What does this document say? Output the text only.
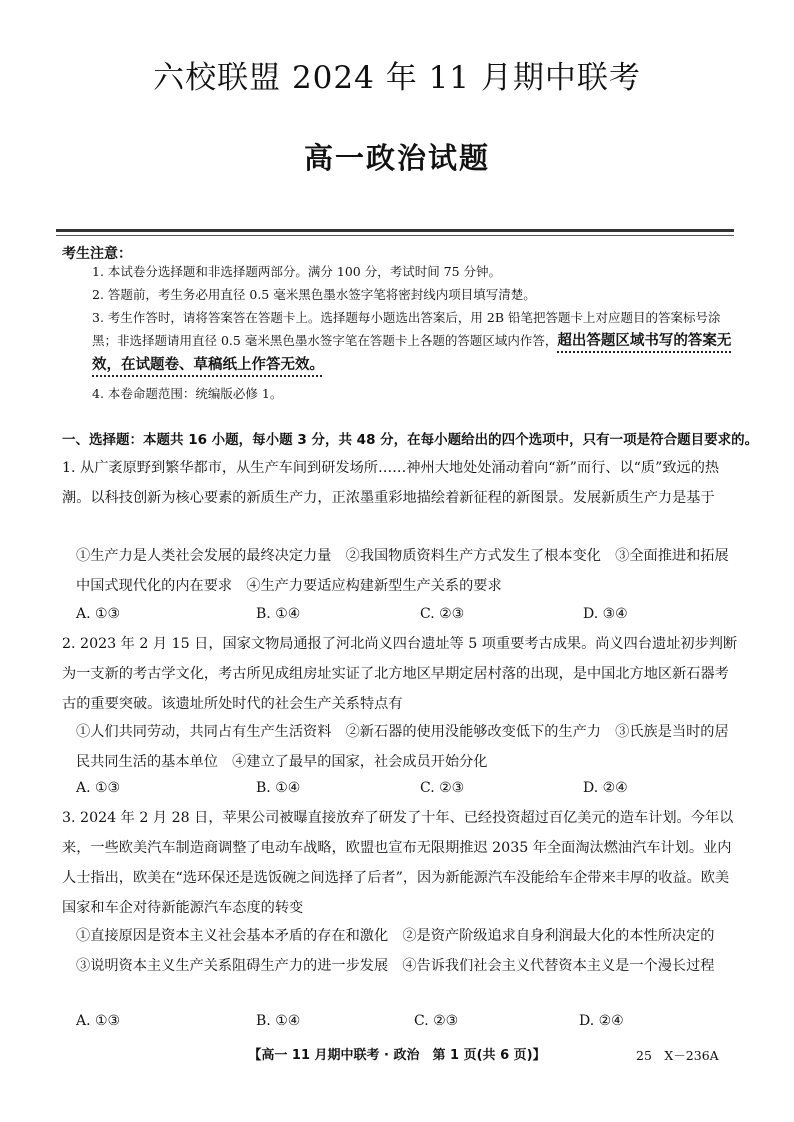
六校联盟 2024 年 11 月期中联考
高一政治试题
考生注意：
1. 本试卷分选择题和非选择题两部分。满分 100 分，考试时间 75 分钟。
2. 答题前，考生务必用直径 0.5 毫米黑色墨水签字笔将密封线内项目填写清楚。
3. 考生作答时，请将答案答在答题卡上。选择题每小题选出答案后，用 2B 铅笔把答题卡上对应题目的答案标号涂黑；非选择题请用直径 0.5 毫米黑色墨水签字笔在答题卡上各题的答题区域内作答，超出答题区域书写的答案无效，在试题卷、草稿纸上作答无效。
4. 本卷命题范围：统编版必修 1。
一、选择题：本题共 16 小题，每小题 3 分，共 48 分，在每小题给出的四个选项中，只有一项是符合题目要求的。
1. 从广袤原野到繁华都市，从生产车间到研发场所……神州大地处处涌动着向“新”而行、以“质”致远的热潮。以科技创新为核心要素的新质生产力，正浓墨重彩地描绘着新征程的新图景。发展新质生产力是基于
①生产力是人类社会发展的最终决定力量　②我国物质资料生产方式发生了根本变化　③全面推进和拓展中国式现代化的内在要求　④生产力要适应构建新型生产关系的要求
A. ①③	B. ①④	C. ②③	D. ③④
2. 2023 年 2 月 15 日，国家文物局通报了河北尚义四台遗址等 5 项重要考古成果。尚义四台遗址初步判断为一支新的考古学文化，考古所见成组房址实证了北方地区早期定居村落的出现，是中国北方地区新石器考古的重要突破。该遗址所处时代的社会生产关系特点有
①人们共同劳动，共同占有生产生活资料　②新石器的使用没能够改变低下的生产力　③氏族是当时的居民共同生活的基本单位　④建立了最早的国家，社会成员开始分化
A. ①③	B. ①④	C. ②③	D. ②④
3. 2024 年 2 月 28 日，苹果公司被曝直接放弃了研发了十年、已经投资超过百亿美元的造车计划。今年以来，一些欧美汽车制造商调整了电动车战略，欧盟也宣布无限期推迟 2035 年全面淘汰燃油汽车计划。业内人士指出，欧美在“选环保还是选饭碗之间选择了后者”，因为新能源汽车没能给车企带来丰厚的收益。欧美国家和车企对待新能源汽车态度的转变
①直接原因是资本主义社会基本矛盾的存在和激化　②是资产阶级追求自身利润最大化的本性所决定的　③说明资本主义生产关系阻碍生产力的进一步发展　④告诉我们社会主义代替资本主义是一个漫长过程
A. ①③	B. ①④	C. ②③	D. ②④
【高一 11 月期中联考 · 政治　第 1 页(共 6 页)】	25　X－236A
